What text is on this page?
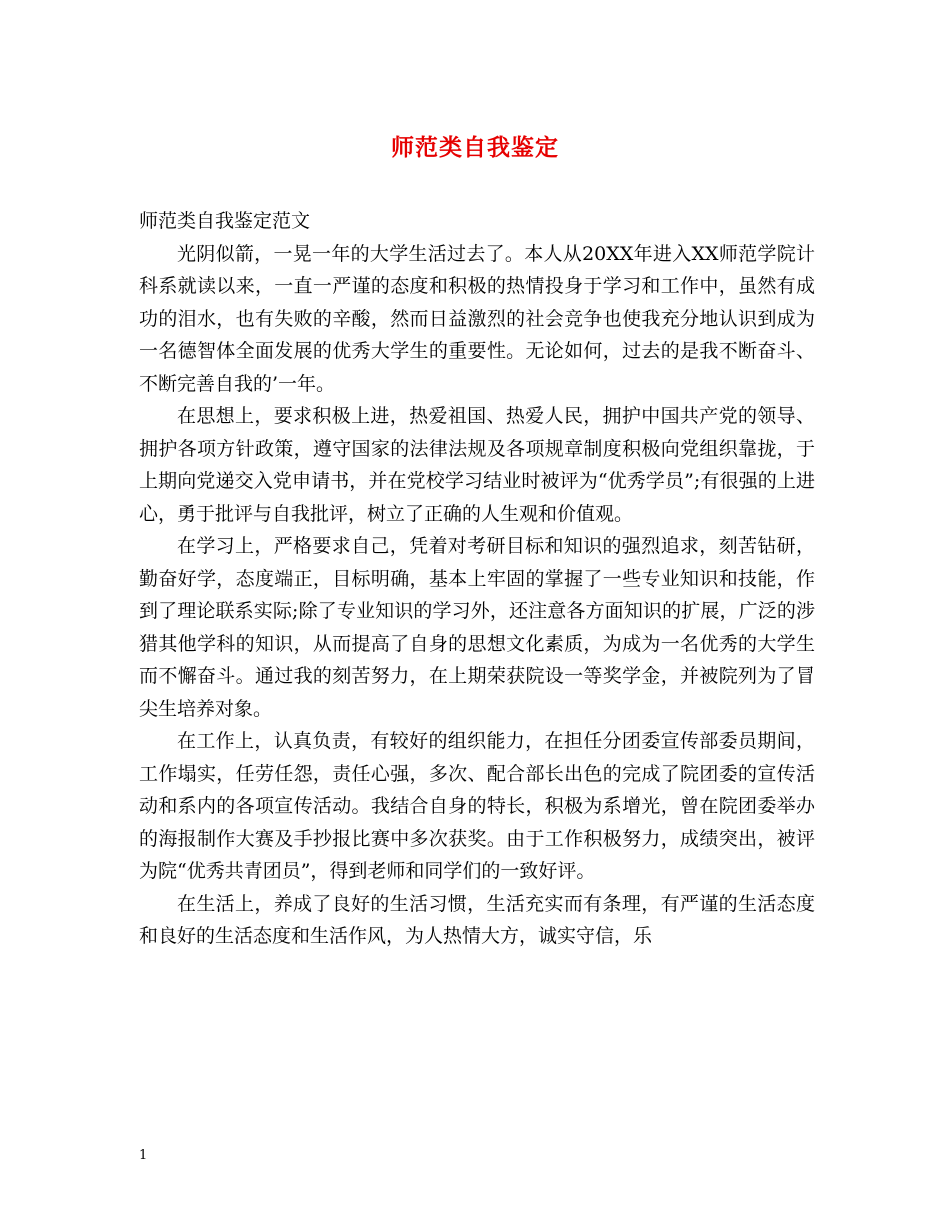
师范类自我鉴定

师范类自我鉴定范文

光阴似箭，一晃一年的大学生活过去了。本人从20XX年进入XX师范学院计科系就读以来，一直一严谨的态度和积极的热情投身于学习和工作中，虽然有成功的泪水，也有失败的辛酸，然而日益激烈的社会竞争也使我充分地认识到成为一名德智体全面发展的优秀大学生的重要性。无论如何，过去的是我不断奋斗、不断完善自我的’一年。

在思想上，要求积极上进，热爱祖国、热爱人民，拥护中国共产党的领导、拥护各项方针政策，遵守国家的法律法规及各项规章制度积极向党组织靠拢，于上期向党递交入党申请书，并在党校学习结业时被评为“优秀学员”;有很强的上进心，勇于批评与自我批评，树立了正确的人生观和价值观。

在学习上，严格要求自己，凭着对考研目标和知识的强烈追求，刻苦钻研，勤奋好学，态度端正，目标明确，基本上牢固的掌握了一些专业知识和技能，作到了理论联系实际;除了专业知识的学习外，还注意各方面知识的扩展，广泛的涉猎其他学科的知识，从而提高了自身的思想文化素质，为成为一名优秀的大学生而不懈奋斗。通过我的刻苦努力，在上期荣获院设一等奖学金，并被院列为了冒尖生培养对象。

在工作上，认真负责，有较好的组织能力，在担任分团委宣传部委员期间，工作塌实，任劳任怨，责任心强，多次、配合部长出色的完成了院团委的宣传活动和系内的各项宣传活动。我结合自身的特长，积极为系增光，曾在院团委举办的海报制作大赛及手抄报比赛中多次获奖。由于工作积极努力，成绩突出，被评为院“优秀共青团员”，得到老师和同学们的一致好评。

在生活上，养成了良好的生活习惯，生活充实而有条理，有严谨的生活态度和良好的生活态度和生活作风，为人热情大方，诚实守信，乐

1
